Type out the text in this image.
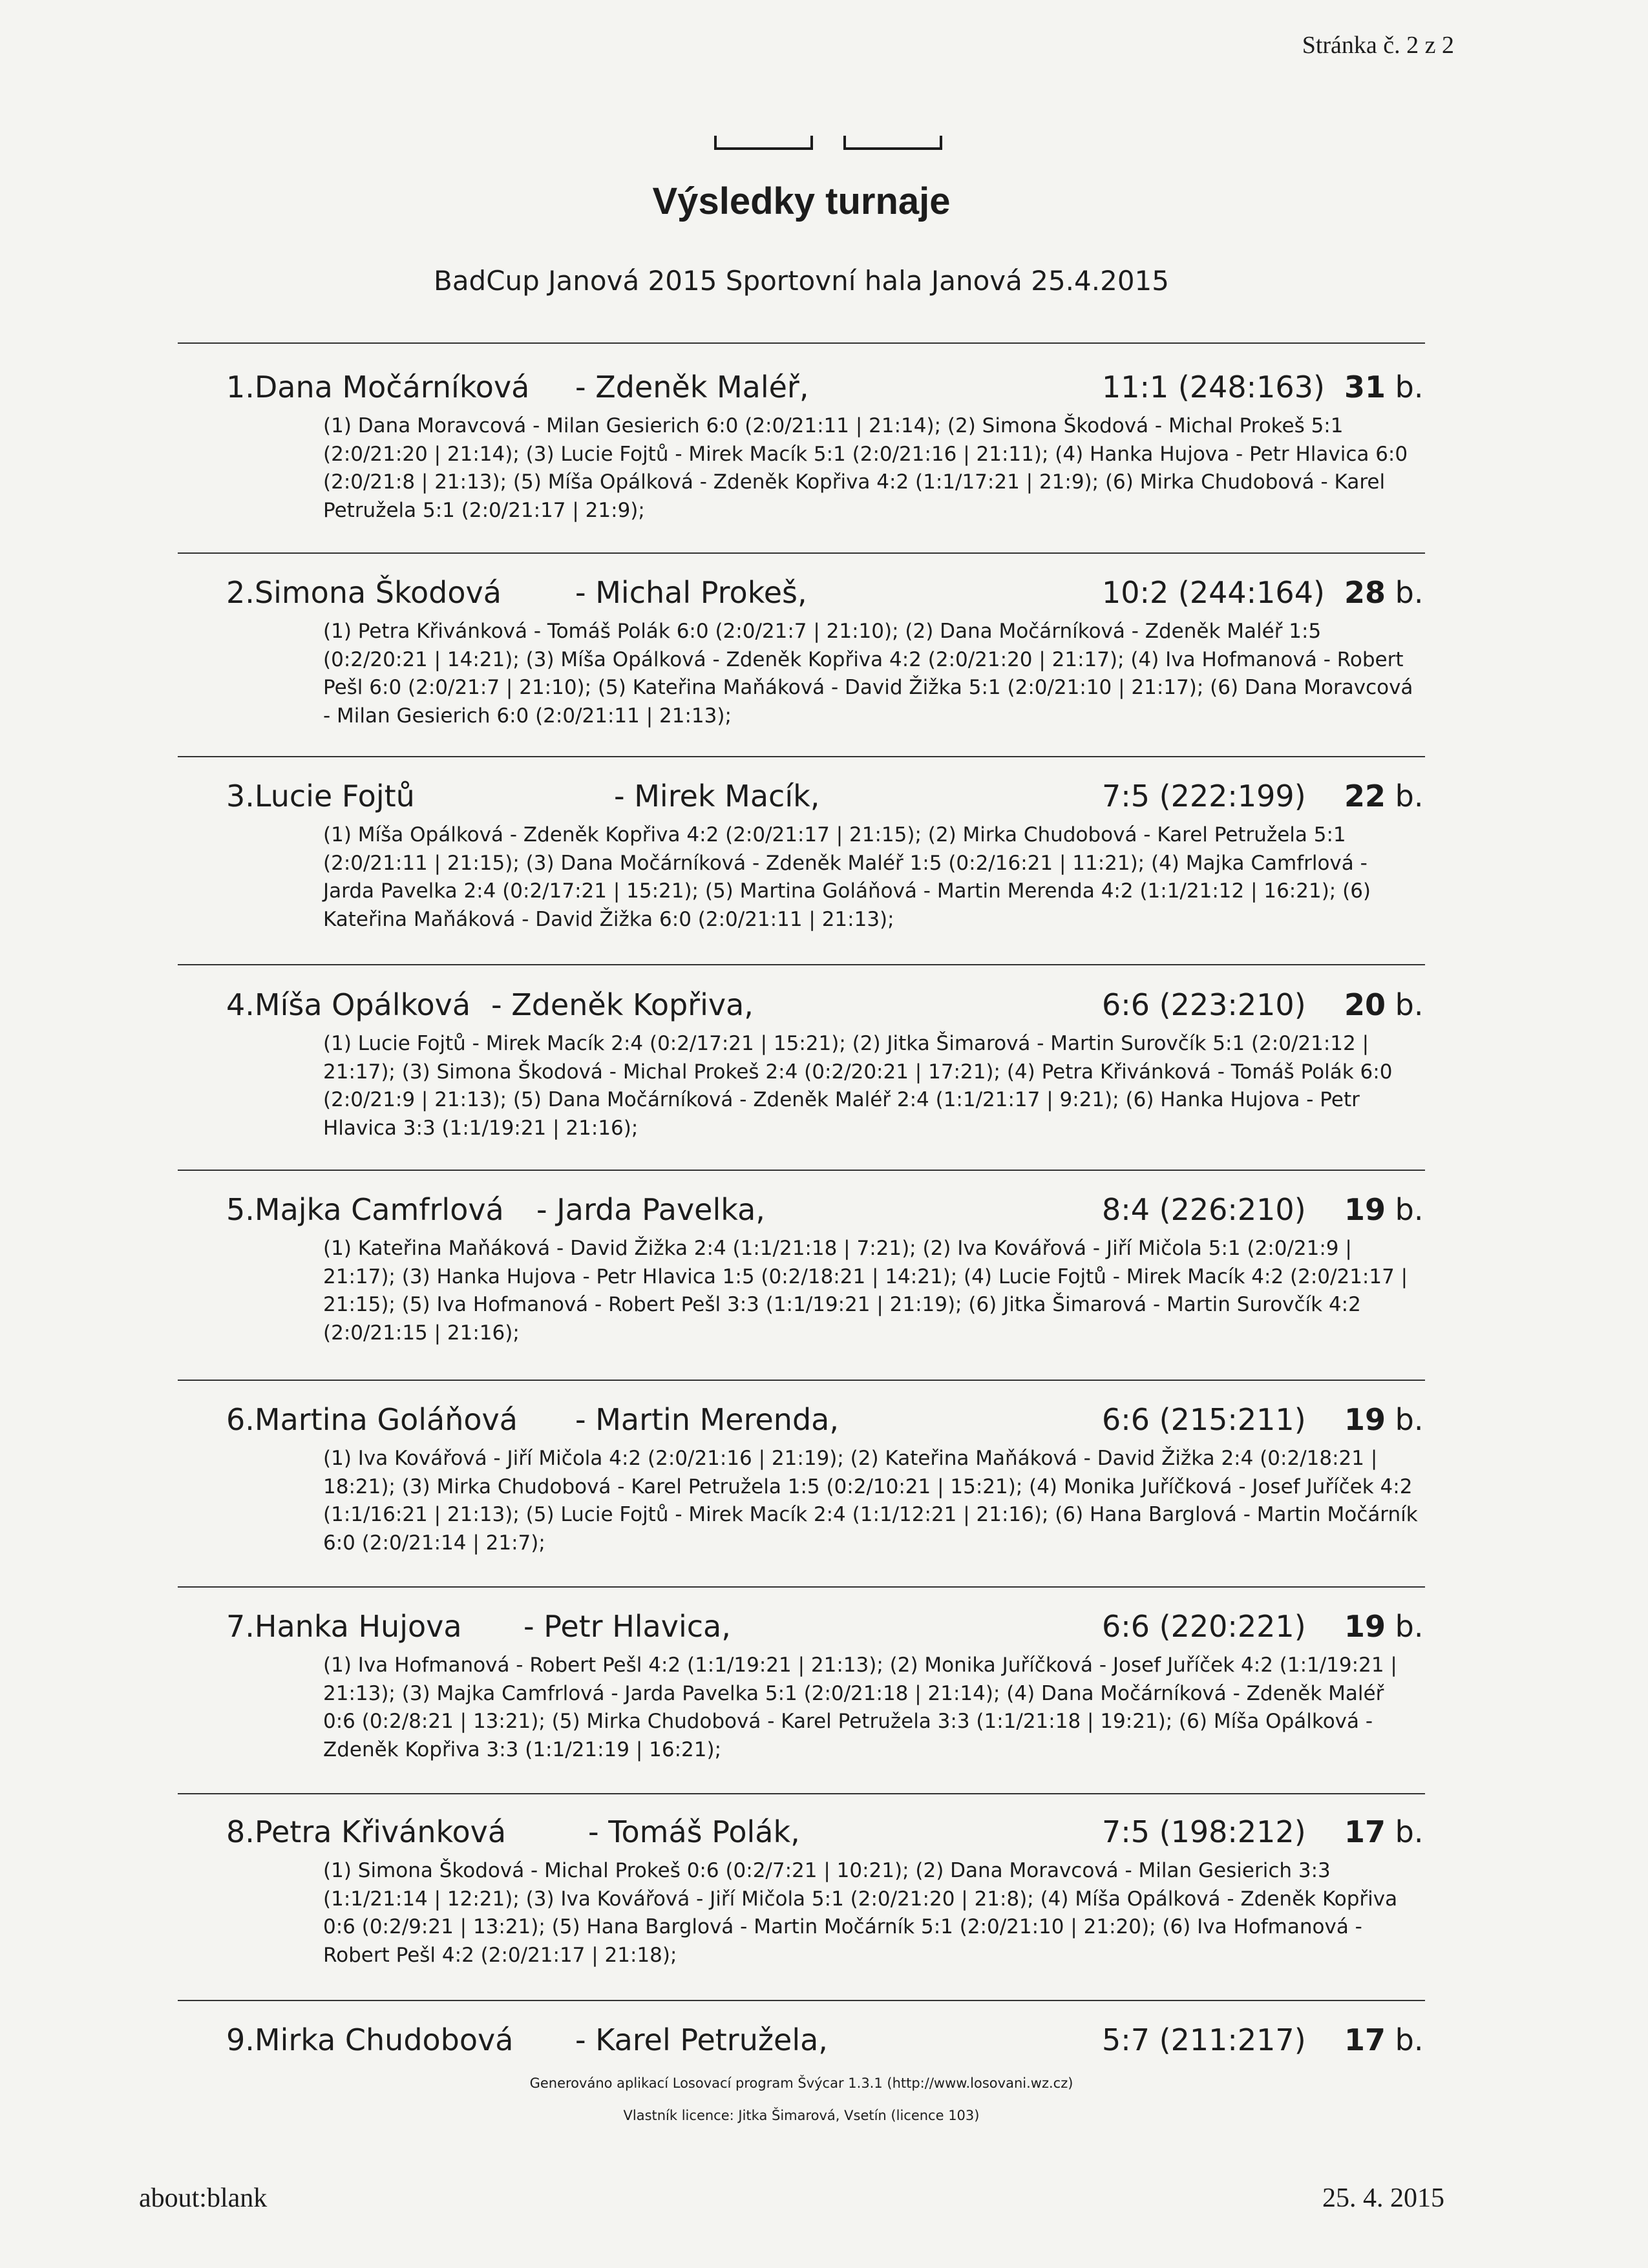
Stránka č. 2 z 2
Výsledky turnaje
BadCup Janová 2015 Sportovní hala Janová 25.4.2015
1.Dana Močárníková - Zdeněk Maléř,	11:1 (248:163) 31 b.
(1) Dana Moravcová - Milan Gesierich 6:0 (2:0/21:11 | 21:14); (2) Simona Škodová - Michal Prokeš 5:1 (2:0/21:20 | 21:14); (3) Lucie Fojtů - Mirek Macík 5:1 (2:0/21:16 | 21:11); (4) Hanka Hujova - Petr Hlavica 6:0 (2:0/21:8 | 21:13); (5) Míša Opálková - Zdeněk Kopřiva 4:2 (1:1/17:21 | 21:9); (6) Mirka Chudobová - Karel Petružela 5:1 (2:0/21:17 | 21:9);
2.Simona Škodová - Michal Prokeš,	10:2 (244:164) 28 b.
(1) Petra Křivánková - Tomáš Polák 6:0 (2:0/21:7 | 21:10); (2) Dana Močárníková - Zdeněk Maléř 1:5 (0:2/20:21 | 14:21); (3) Míša Opálková - Zdeněk Kopřiva 4:2 (2:0/21:20 | 21:17); (4) Iva Hofmanová - Robert Pešl 6:0 (2:0/21:7 | 21:10); (5) Kateřina Maňáková - David Žižka 5:1 (2:0/21:10 | 21:17); (6) Dana Moravcová - Milan Gesierich 6:0 (2:0/21:11 | 21:13);
3.Lucie Fojtů	- Mirek Macík,	7:5 (222:199) 22 b.
(1) Míša Opálková - Zdeněk Kopřiva 4:2 (2:0/21:17 | 21:15); (2) Mirka Chudobová - Karel Petružela 5:1 (2:0/21:11 | 21:15); (3) Dana Močárníková - Zdeněk Maléř 1:5 (0:2/16:21 | 11:21); (4) Majka Camfrlová - Jarda Pavelka 2:4 (0:2/17:21 | 15:21); (5) Martina Goláňová - Martin Merenda 4:2 (1:1/21:12 | 16:21); (6) Kateřina Maňáková - David Žižka 6:0 (2:0/21:11 | 21:13);
4.Míša Opálková - Zdeněk Kopřiva,	6:6 (223:210) 20 b.
(1) Lucie Fojtů - Mirek Macík 2:4 (0:2/17:21 | 15:21); (2) Jitka Šimarová - Martin Surovčík 5:1 (2:0/21:12 | 21:17); (3) Simona Škodová - Michal Prokeš 2:4 (0:2/20:21 | 17:21); (4) Petra Křivánková - Tomáš Polák 6:0 (2:0/21:9 | 21:13); (5) Dana Močárníková - Zdeněk Maléř 2:4 (1:1/21:17 | 9:21); (6) Hanka Hujova - Petr Hlavica 3:3 (1:1/19:21 | 21:16);
5.Majka Camfrlová - Jarda Pavelka,	8:4 (226:210) 19 b.
(1) Kateřina Maňáková - David Žižka 2:4 (1:1/21:18 | 7:21); (2) Iva Kovářová - Jiří Mičola 5:1 (2:0/21:9 | 21:17); (3) Hanka Hujova - Petr Hlavica 1:5 (0:2/18:21 | 14:21); (4) Lucie Fojtů - Mirek Macík 4:2 (2:0/21:17 | 21:15); (5) Iva Hofmanová - Robert Pešl 3:3 (1:1/19:21 | 21:19); (6) Jitka Šimarová - Martin Surovčík 4:2 (2:0/21:15 | 21:16);
6.Martina Goláňová - Martin Merenda,	6:6 (215:211) 19 b.
(1) Iva Kovářová - Jiří Mičola 4:2 (2:0/21:16 | 21:19); (2) Kateřina Maňáková - David Žižka 2:4 (0:2/18:21 | 18:21); (3) Mirka Chudobová - Karel Petružela 1:5 (0:2/10:21 | 15:21); (4) Monika Juříčková - Josef Juříček 4:2 (1:1/16:21 | 21:13); (5) Lucie Fojtů - Mirek Macík 2:4 (1:1/12:21 | 21:16); (6) Hana Barglová - Martin Močárník 6:0 (2:0/21:14 | 21:7);
7.Hanka Hujova - Petr Hlavica,	6:6 (220:221) 19 b.
(1) Iva Hofmanová - Robert Pešl 4:2 (1:1/19:21 | 21:13); (2) Monika Juříčková - Josef Juříček 4:2 (1:1/19:21 | 21:13); (3) Majka Camfrlová - Jarda Pavelka 5:1 (2:0/21:18 | 21:14); (4) Dana Močárníková - Zdeněk Maléř 0:6 (0:2/8:21 | 13:21); (5) Mirka Chudobová - Karel Petružela 3:3 (1:1/21:18 | 19:21); (6) Míša Opálková - Zdeněk Kopřiva 3:3 (1:1/21:19 | 16:21);
8.Petra Křivánková	- Tomáš Polák,	7:5 (198:212) 17 b.
(1) Simona Škodová - Michal Prokeš 0:6 (0:2/7:21 | 10:21); (2) Dana Moravcová - Milan Gesierich 3:3 (1:1/21:14 | 12:21); (3) Iva Kovářová - Jiří Mičola 5:1 (2:0/21:20 | 21:8); (4) Míša Opálková - Zdeněk Kopřiva 0:6 (0:2/9:21 | 13:21); (5) Hana Barglová - Martin Močárník 5:1 (2:0/21:10 | 21:20); (6) Iva Hofmanová - Robert Pešl 4:2 (2:0/21:17 | 21:18);
9.Mirka Chudobová - Karel Petružela,	5:7 (211:217) 17 b.
Generováno aplikací Losovací program Švýcar 1.3.1 (http://www.losovani.wz.cz)
Vlastník licence: Jitka Šimarová, Vsetín (licence 103)
about:blank	25. 4. 2015
